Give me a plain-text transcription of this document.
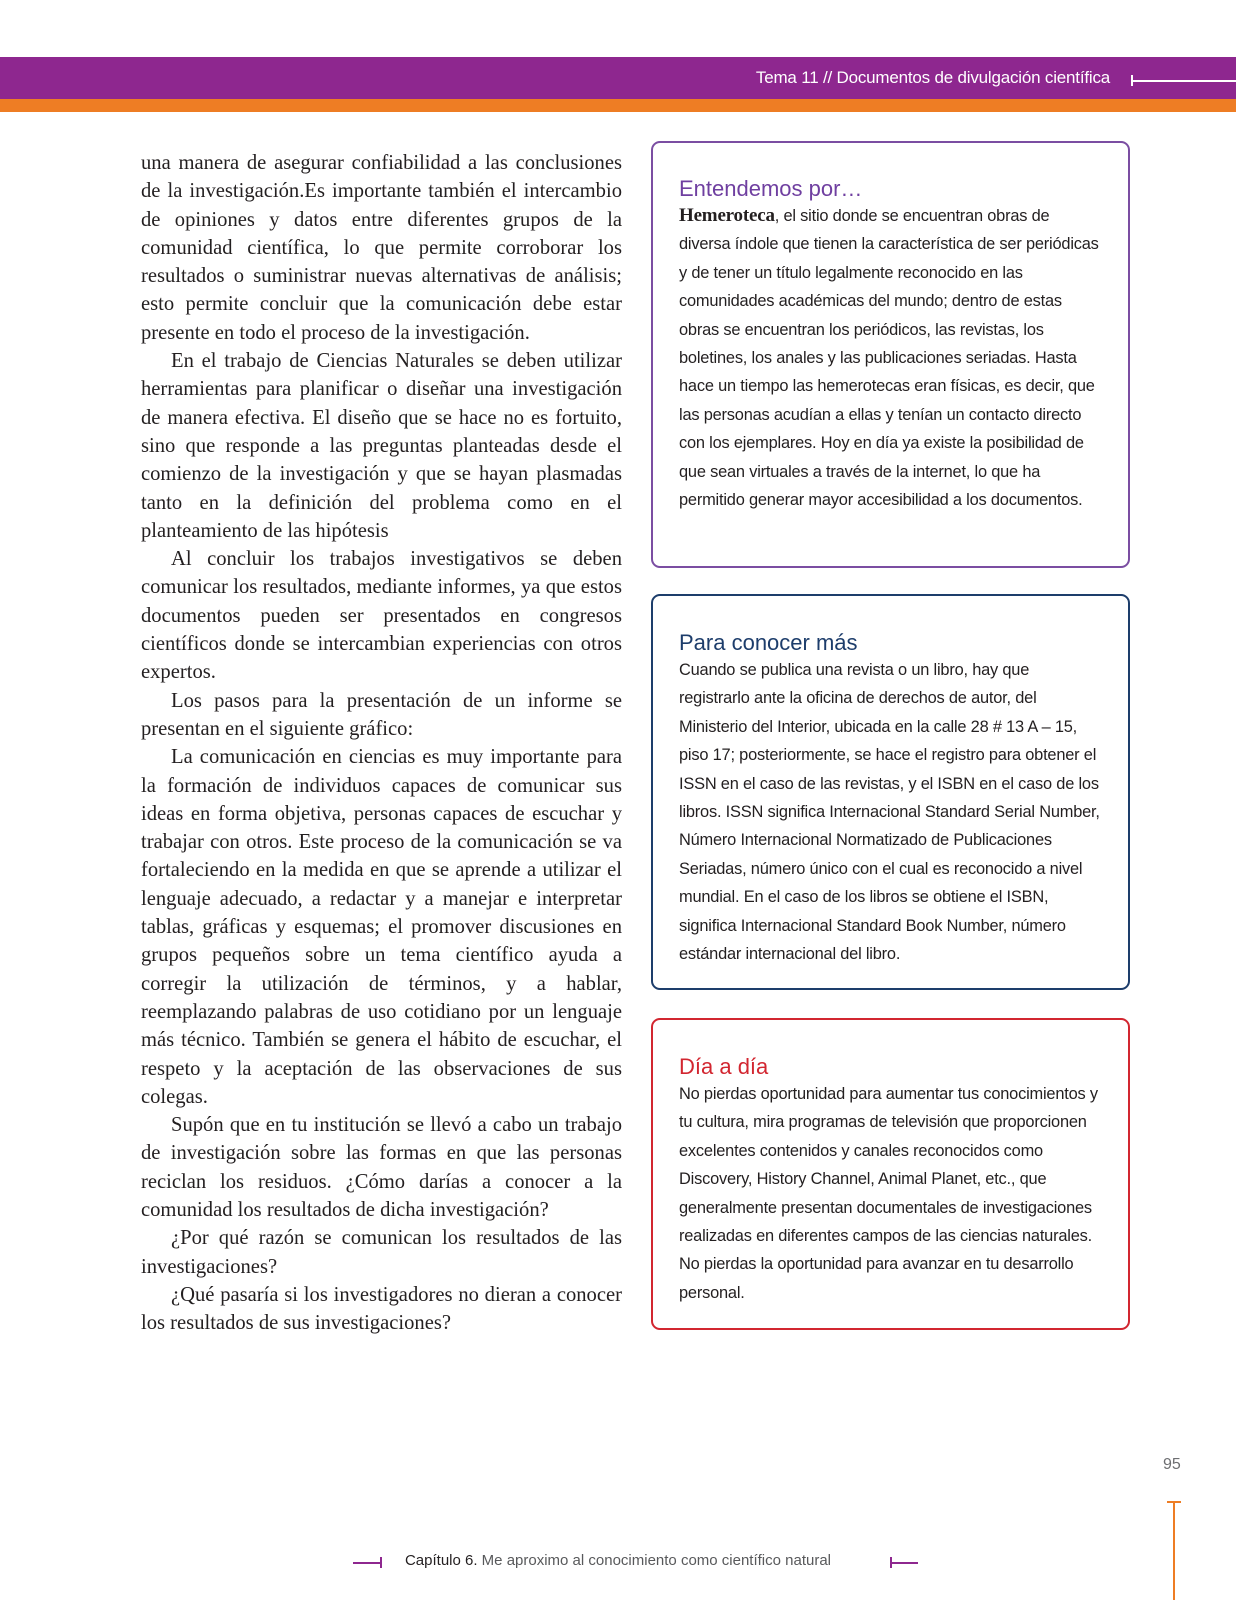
Tema 11 // Documentos de divulgación científica

una manera de asegurar confiabilidad a las conclusiones de la investigación.Es importante también el intercambio de opiniones y datos entre diferentes grupos de la comunidad científica, lo que permite corroborar los resultados o suministrar nuevas alternativas de análisis; esto permite concluir que la comunicación debe estar presente en todo el proceso de la investigación.

En el trabajo de Ciencias Naturales se deben utilizar herramientas para planificar o diseñar una investigación de manera efectiva. El diseño que se hace no es fortuito, sino que responde a las preguntas planteadas desde el comienzo de la investigación y que se hayan plasmadas tanto en la definición del problema como en el planteamiento de las hipótesis

Al concluir los trabajos investigativos se deben comunicar los resultados, mediante informes, ya que estos documentos pueden ser presentados en congresos científicos donde se intercambian experiencias con otros expertos.

Los pasos para la presentación de un informe se presentan en el siguiente gráfico:

La comunicación en ciencias es muy importante para la formación de individuos capaces de comunicar sus ideas en forma objetiva, personas capaces de escuchar y trabajar con otros. Este proceso de la comunicación se va fortaleciendo en la medida en que se aprende a utilizar el lenguaje adecuado, a redactar y a manejar e interpretar tablas, gráficas y esquemas; el promover discusiones en grupos pequeños sobre un tema científico ayuda a corregir la utilización de términos, y a hablar, reemplazando palabras de uso cotidiano por un lenguaje más técnico. También se genera el hábito de escuchar, el respeto y la aceptación de las observaciones de sus colegas.

Supón que en tu institución se llevó a cabo un trabajo de investigación sobre las formas en que las personas reciclan los residuos. ¿Cómo darías a conocer a la comunidad los resultados de dicha investigación?

¿Por qué razón se comunican los resultados de las investigaciones?

¿Qué pasaría si los investigadores no dieran a conocer los resultados de sus investigaciones?

Entendemos por…
Hemeroteca, el sitio donde se encuentran obras de diversa índole que tienen la característica de ser periódicas y de tener un título legalmente reconocido en las comunidades académicas del mundo; dentro de estas obras se encuentran los periódicos, las revistas, los boletines, los anales y las publicaciones seriadas. Hasta hace un tiempo las hemerotecas eran físicas, es decir, que las personas acudían a ellas y tenían un contacto directo con los ejemplares. Hoy en día ya existe la posibilidad de que sean virtuales a través de la internet, lo que ha permitido generar mayor accesibilidad a los documentos.
Para conocer más
Cuando se publica una revista o un libro, hay que registrarlo ante la oficina de derechos de autor, del Ministerio del Interior, ubicada en la calle 28 # 13 A – 15, piso 17; posteriormente, se hace el registro para obtener el ISSN en el caso de las revistas, y el ISBN en el caso de los libros. ISSN significa Internacional Standard Serial Number, Número Internacional Normatizado de Publicaciones Seriadas, número único con el cual es reconocido a nivel mundial. En el caso de los libros se obtiene el ISBN, significa Internacional Standard Book Number, número estándar internacional del libro.
Día a día
No pierdas oportunidad para aumentar tus conocimientos y tu cultura, mira programas de televisión que proporcionen excelentes contenidos y canales reconocidos como Discovery, History Channel, Animal Planet, etc., que generalmente presentan documentales de investigaciones realizadas en diferentes campos de las ciencias naturales. No pierdas la oportunidad para avanzar en tu desarrollo personal.
95
Capítulo 6. Me aproximo al conocimiento como científico natural
